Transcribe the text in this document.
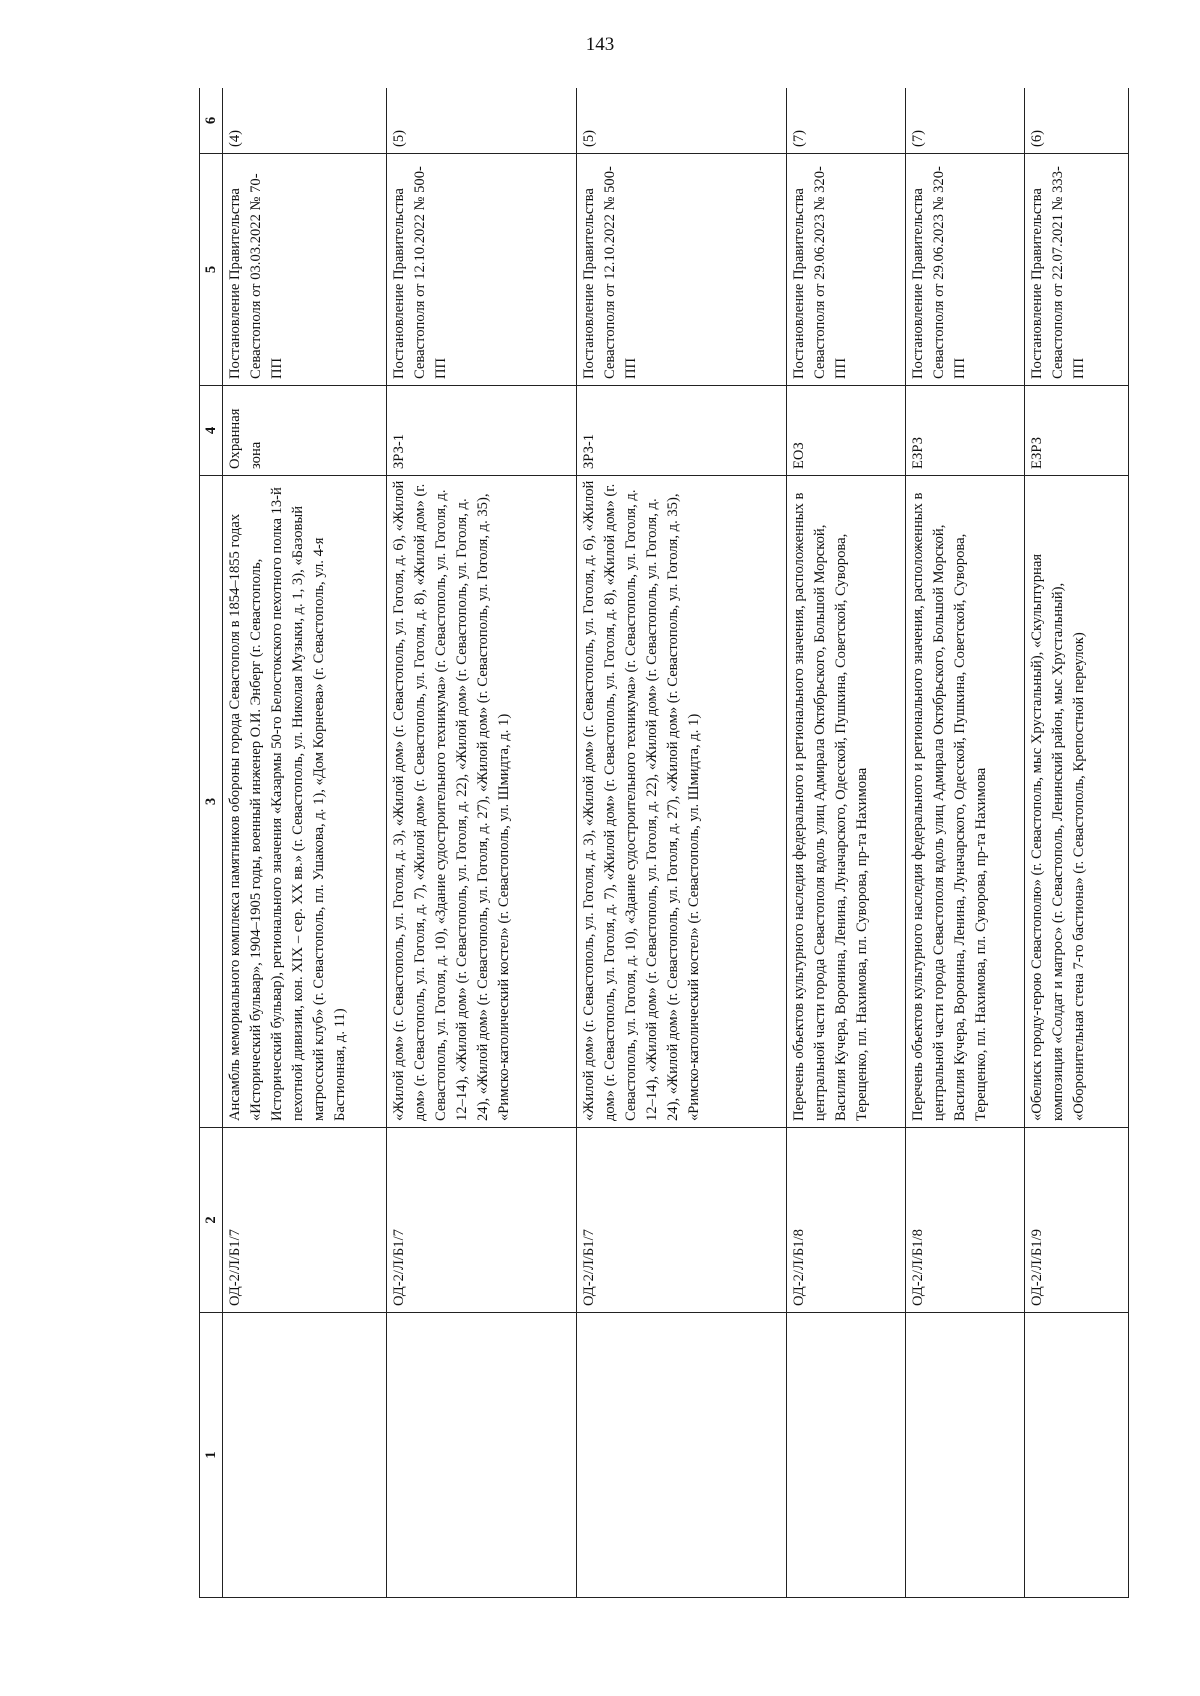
143
1	2	3	4	5	6
	ОД-2/Л/Б1/7	Ансамбль мемориального комплекса памятников обороны города Севастополя в 1854–1855 годах «Исторический бульвар», 1904–1905 годы, военный инженер О.И. Энберг (г. Севастополь, Исторический бульвар), регионального значения «Казармы 50-го Белостокского пехотного полка 13-й пехотной дивизии, кон. XIX – сер. XX вв.» (г. Севастополь, ул. Николая Музыки, д. 1, 3), «Базовый матросский клуб» (г. Севастополь, пл. Ушакова, д. 1), «Дом Корнеева» (г. Севастополь, ул. 4-я Бастионная, д. 11)	Охранная зона	Постановление Правительства Севастополя от 03.03.2022 № 70-ПП	(4)
	ОД-2/Л/Б1/7	«Жилой дом» (г. Севастополь, ул. Гоголя, д. 3), «Жилой дом» (г. Севастополь, ул. Гоголя, д. 6), «Жилой дом» (г. Севастополь, ул. Гоголя, д. 7), «Жилой дом» (г. Севастополь, ул. Гоголя, д. 8), «Жилой дом» (г. Севастополь, ул. Гоголя, д. 10), «Здание судостроительного техникума» (г. Севастополь, ул. Гоголя, д. 12–14), «Жилой дом» (г. Севастополь, ул. Гоголя, д. 22), «Жилой дом» (г. Севастополь, ул. Гоголя, д. 24), «Жилой дом» (г. Севастополь, ул. Гоголя, д. 27), «Жилой дом» (г. Севастополь, ул. Гоголя, д. 35), «Римско-католический костел» (г. Севастополь, ул. Шмидта, д. 1)	ЗРЗ-1	Постановление Правительства Севастополя от 12.10.2022 № 500-ПП	(5)
	ОД-2/Л/Б1/7	«Жилой дом» (г. Севастополь, ул. Гоголя, д. 3), «Жилой дом» (г. Севастополь, ул. Гоголя, д. 6), «Жилой дом» (г. Севастополь, ул. Гоголя, д. 7), «Жилой дом» (г. Севастополь, ул. Гоголя, д. 8), «Жилой дом» (г. Севастополь, ул. Гоголя, д. 10), «Здание судостроительного техникума» (г. Севастополь, ул. Гоголя, д. 12–14), «Жилой дом» (г. Севастополь, ул. Гоголя, д. 22), «Жилой дом» (г. Севастополь, ул. Гоголя, д. 24), «Жилой дом» (г. Севастополь, ул. Гоголя, д. 27), «Жилой дом» (г. Севастополь, ул. Гоголя, д. 35), «Римско-католический костел» (г. Севастополь, ул. Шмидта, д. 1)	ЗРЗ-1	Постановление Правительства Севастополя от 12.10.2022 № 500-ПП	(5)
	ОД-2/Л/Б1/8	Перечень объектов культурного наследия федерального и регионального значения, расположенных в центральной части города Севастополя вдоль улиц Адмирала Октябрьского, Большой Морской, Василия Кучера, Воронина, Ленина, Луначарского, Одесской, Пушкина, Советской, Суворова, Терещенко, пл. Нахимова, пл. Суворова, пр-та Нахимова	ЕОЗ	Постановление Правительства Севастополя от 29.06.2023 № 320-ПП	(7)
	ОД-2/Л/Б1/8	Перечень объектов культурного наследия федерального и регионального значения, расположенных в центральной части города Севастополя вдоль улиц Адмирала Октябрьского, Большой Морской, Василия Кучера, Воронина, Ленина, Луначарского, Одесской, Пушкина, Советской, Суворова, Терещенко, пл. Нахимова, пл. Суворова, пр-та Нахимова	ЕЗРЗ	Постановление Правительства Севастополя от 29.06.2023 № 320-ПП	(7)
	ОД-2/Л/Б1/9	«Обелиск городу-герою Севастополю» (г. Севастополь, мыс Хрустальный), «Скульптурная композиция «Солдат и матрос» (г. Севастополь, Ленинский район, мыс Хрустальный), «Оборонительная стена 7-го бастиона» (г. Севастополь, Крепостной переулок)	ЕЗРЗ	Постановление Правительства Севастополя от 22.07.2021 № 333-ПП	(6)
